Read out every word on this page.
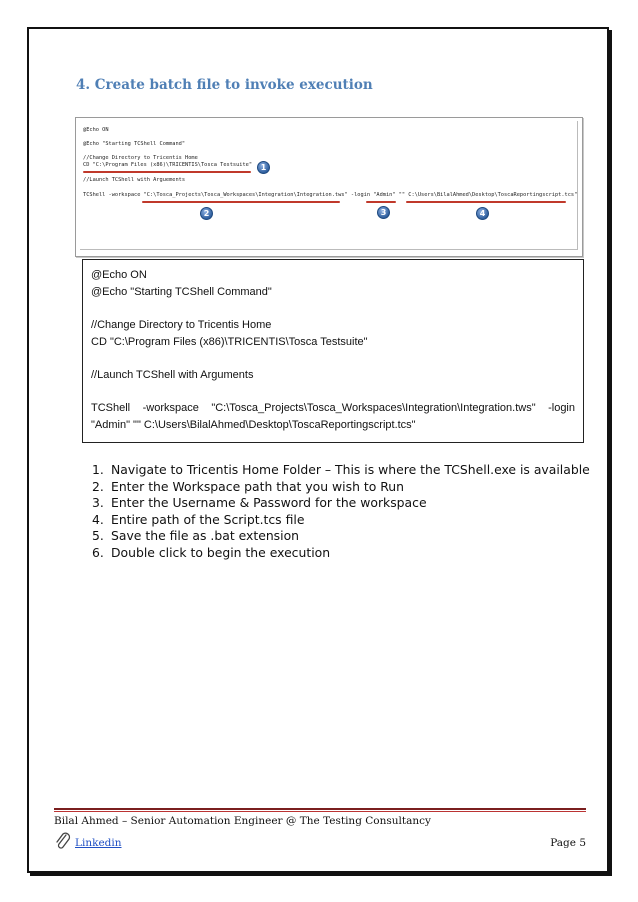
4. Create batch file to invoke execution
@Echo ON
@Echo "Starting TCShell Command"
//Change Directory to Tricentis Home
CD "C:\Program Files (x86)\TRICENTIS\Tosca Testsuite"
//Launch TCShell with Arguements
TCShell -workspace "C:\Tosca_Projects\Tosca_Workspaces\Integration\Integration.tws" -login "Admin" "" C:\Users\BilalAhmed\Desktop\ToscaReportingscript.tcs"
1
2	3	4
@Echo ON
@Echo "Starting TCShell Command"
//Change Directory to Tricentis Home
CD "C:\Program Files (x86)\TRICENTIS\Tosca Testsuite"
//Launch TCShell with Arguments
TCShell -workspace "C:\Tosca_Projects\Tosca_Workspaces\Integration\Integration.tws" -login
"Admin" "" C:\Users\BilalAhmed\Desktop\ToscaReportingscript.tcs"
1. Navigate to Tricentis Home Folder – This is where the TCShell.exe is available
2. Enter the Workspace path that you wish to Run
3. Enter the Username & Password for the workspace
4. Entire path of the Script.tcs file
5. Save the file as .bat extension
6. Double click to begin the execution
Bilal Ahmed – Senior Automation Engineer @ The Testing Consultancy
Linkedin	Page 5
